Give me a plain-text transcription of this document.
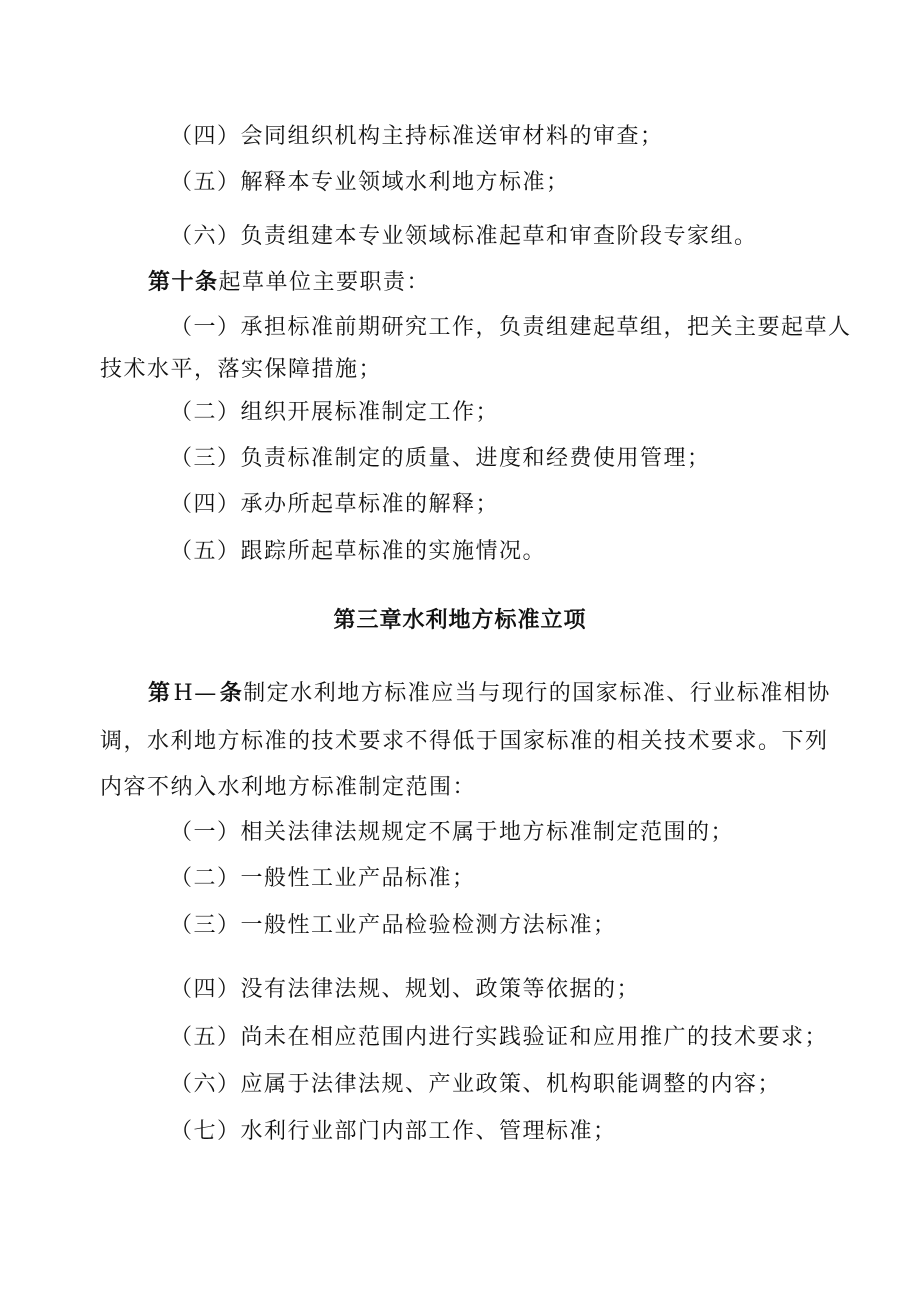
（四）会同组织机构主持标准送审材料的审查；
（五）解释本专业领域水利地方标准；
（六）负责组建本专业领域标准起草和审查阶段专家组。
第十条起草单位主要职责：
（一）承担标准前期研究工作，负责组建起草组，把关主要起草人
技术水平，落实保障措施；
（二）组织开展标准制定工作；
（三）负责标准制定的质量、进度和经费使用管理；
（四）承办所起草标准的解释；
（五）跟踪所起草标准的实施情况。
第三章水利地方标准立项
第H—条制定水利地方标准应当与现行的国家标准、行业标准相协
调，水利地方标准的技术要求不得低于国家标准的相关技术要求。下列
内容不纳入水利地方标准制定范围：
（一）相关法律法规规定不属于地方标准制定范围的；
（二）一般性工业产品标准；
（三）一般性工业产品检验检测方法标准；
（四）没有法律法规、规划、政策等依据的；
（五）尚未在相应范围内进行实践验证和应用推广的技术要求；
（六）应属于法律法规、产业政策、机构职能调整的内容；
（七）水利行业部门内部工作、管理标准；
